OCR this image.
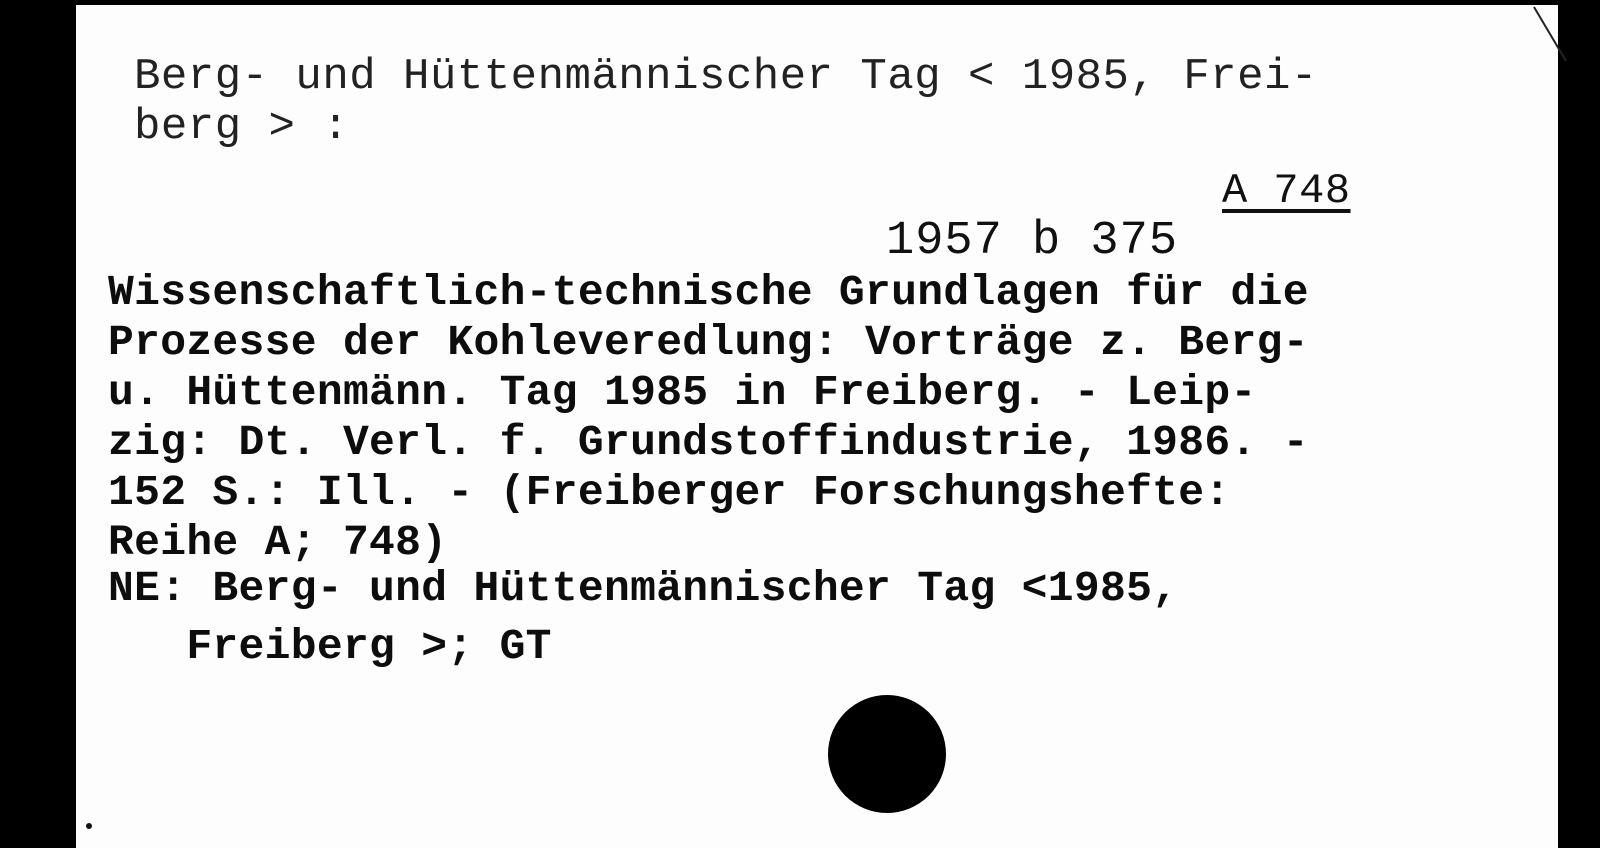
Berg- und Hüttenmännischer Tag < 1985, Frei-
berg > :
A 748
1957 b 375
Wissenschaftlich-technische Grundlagen für die
Prozesse der Kohleveredlung: Vorträge z. Berg-
u. Hüttenmänn. Tag 1985 in Freiberg. - Leip-
zig: Dt. Verl. f. Grundstoffindustrie, 1986. -
152 S.: Ill. - (Freiberger Forschungshefte:
Reihe A; 748)
NE: Berg- und Hüttenmännischer Tag <1985,
Freiberg >; GT
